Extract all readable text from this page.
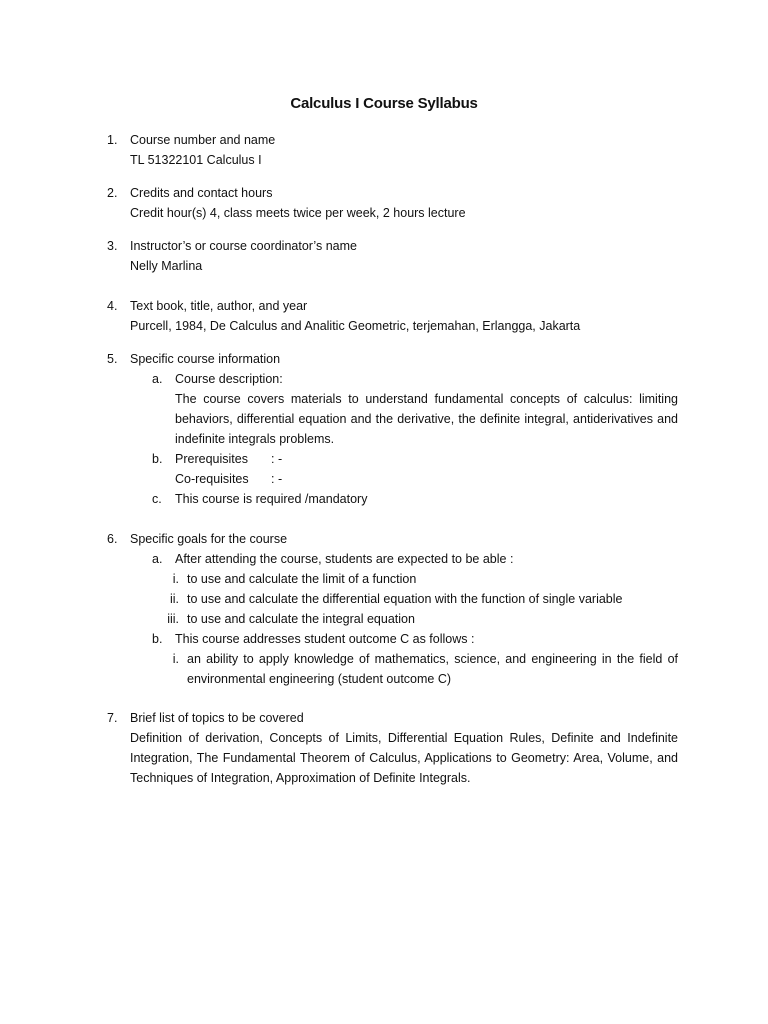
Calculus I Course Syllabus
1. Course number and name
TL 51322101 Calculus I
2. Credits and contact hours
Credit hour(s) 4, class meets twice per week, 2 hours lecture
3. Instructor’s or course coordinator’s name
Nelly Marlina
4. Text book, title, author, and year
Purcell, 1984, De Calculus and Analitic Geometric, terjemahan, Erlangga, Jakarta
5. Specific course information
a. Course description:
The course covers materials to understand fundamental concepts of calculus: limiting behaviors, differential equation and the derivative, the definite integral, antiderivatives and indefinite integrals problems.
b. Prerequisites : -
Co-requisites : -
c. This course is required /mandatory
6. Specific goals for the course
a. After attending the course, students are expected to be able :
i. to use and calculate the limit of a function
ii. to use and calculate the differential equation with the function of single variable
iii. to use and calculate the integral equation
b. This course addresses student outcome C as follows :
i. an ability to apply knowledge of mathematics, science, and engineering in the field of environmental engineering (student outcome C)
7. Brief list of topics to be covered
Definition of derivation, Concepts of Limits, Differential Equation Rules, Definite and Indefinite Integration, The Fundamental Theorem of Calculus, Applications to Geometry: Area, Volume, and Techniques of Integration, Approximation of Definite Integrals.
